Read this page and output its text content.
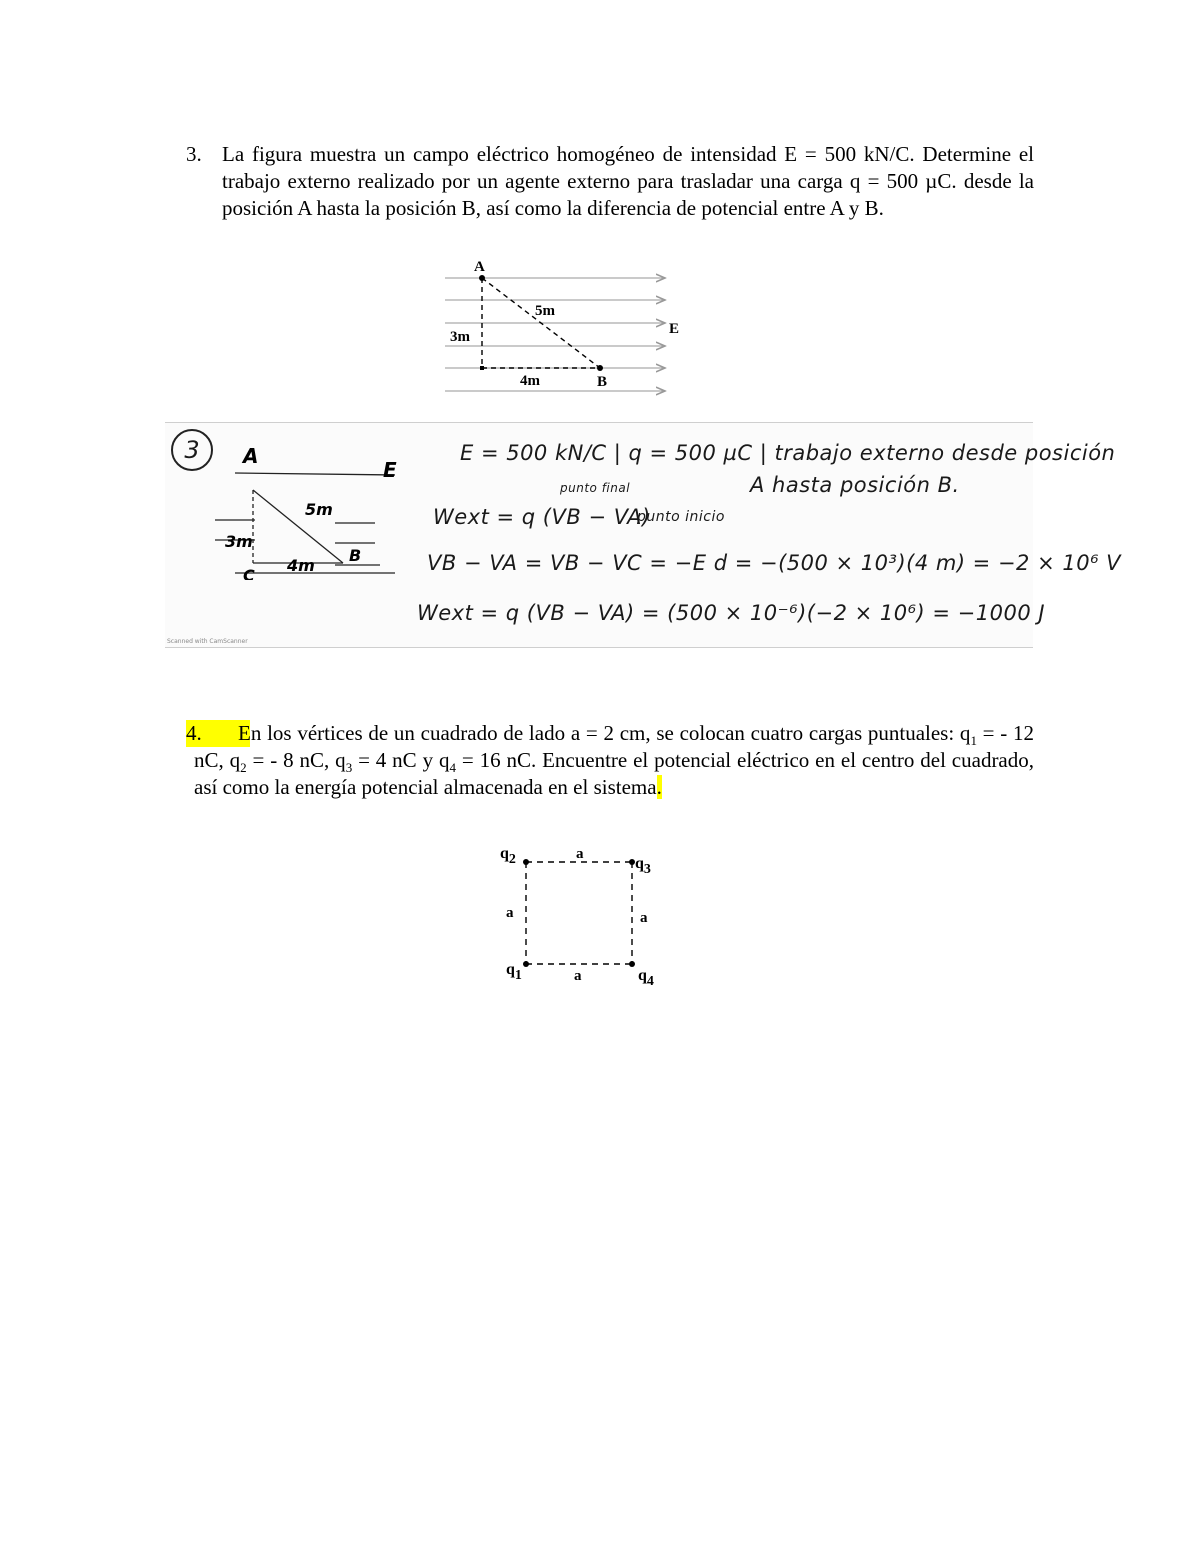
3. La figura muestra un campo eléctrico homogéneo de intensidad E = 500 kN/C. Determine el trabajo externo realizado por un agente externo para trasladar una carga q = 500 µC. desde la posición A hasta la posición B, así como la diferencia de potencial entre A y B.
A
5m
3m
4m	B
E
3	A
E
5m
3m
B
C
4m
E = 500 kN/C | q = 500 µC | trabajo externo desde posición
A hasta posición B.
punto final
Wext = q (VB − VA)
punto inicio
VB − VA = VB − VC = −E d = −(500 × 10³)(4 m) = −2 × 10⁶ V
Wext = q (VB − VA) = (500 × 10⁻⁶)(−2 × 10⁶) = −1000 J
Scanned with CamScanner
4.	En los vértices de un cuadrado de lado a = 2 cm, se colocan cuatro cargas puntuales: $q_1$ = - 12 nC, $q_2$ = - 8 nC, $q_3 = 4$ nC y $q_4 = 16$ nC. Encuentre el potencial eléctrico en el centro del cuadrado, así como la energía potencial almacenada en el sistema.
q2	q3
q1	q4
a
a	a
a
